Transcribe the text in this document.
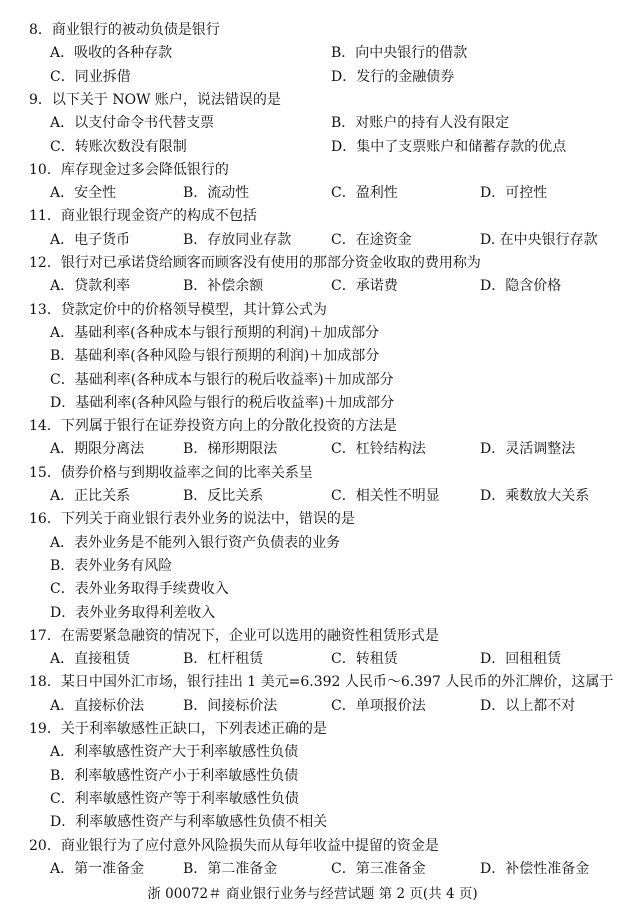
8．商业银行的被动负债是银行
A．吸收的各种存款	B．向中央银行的借款
C．同业拆借	D．发行的金融债券
9．以下关于 NOW 账户，说法错误的是
A．以支付命令书代替支票	B．对账户的持有人没有限定
C．转账次数没有限制	D．集中了支票账户和储蓄存款的优点
10．库存现金过多会降低银行的
A．安全性	B．流动性	C．盈利性	D．可控性
11．商业银行现金资产的构成不包括
A．电子货币	B．存放同业存款	C．在途资金	D. 在中央银行存款
12．银行对已承诺贷给顾客而顾客没有使用的那部分资金收取的费用称为
A．贷款利率	B．补偿余额	C．承诺费	D．隐含价格
13．贷款定价中的价格领导模型，其计算公式为
A．基础利率(各种成本与银行预期的利润)＋加成部分
B．基础利率(各种风险与银行预期的利润)＋加成部分
C．基础利率(各种成本与银行的税后收益率)＋加成部分
D．基础利率(各种风险与银行的税后收益率)＋加成部分
14．下列属于银行在证券投资方向上的分散化投资的方法是
A．期限分离法	B．梯形期限法	C．杠铃结构法	D．灵活调整法
15．债券价格与到期收益率之间的比率关系呈
A．正比关系	B．反比关系	C．相关性不明显	D．乘数放大关系
16．下列关于商业银行表外业务的说法中，错误的是
A．表外业务是不能列入银行资产负债表的业务
B．表外业务有风险
C．表外业务取得手续费收入
D．表外业务取得利差收入
17．在需要紧急融资的情况下，企业可以选用的融资性租赁形式是
A．直接租赁	B．杠杆租赁	C．转租赁	D．回租租赁
18．某日中国外汇市场，银行挂出 1 美元=6.392 人民币～6.397 人民币的外汇牌价，这属于
A．直接标价法	B．间接标价法	C．单项报价法	D．以上都不对
19．关于利率敏感性正缺口，下列表述正确的是
A．利率敏感性资产大于利率敏感性负债
B．利率敏感性资产小于利率敏感性负债
C．利率敏感性资产等于利率敏感性负债
D．利率敏感性资产与利率敏感性负债不相关
20．商业银行为了应付意外风险损失而从每年收益中提留的资金是
A．第一准备金	B．第二准备金	C．第三准备金	D．补偿性准备金
浙 00072＃ 商业银行业务与经营试题 第 2 页(共 4 页)
